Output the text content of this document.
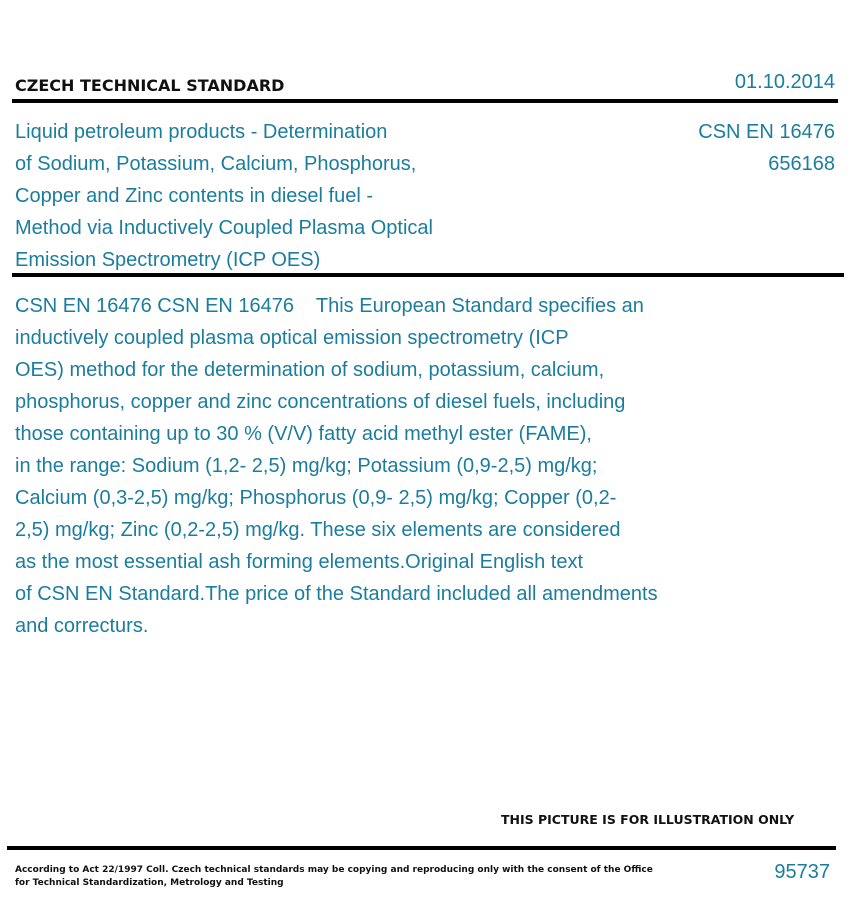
CZECH TECHNICAL STANDARD	01.10.2014
Liquid petroleum products - Determination
of Sodium, Potassium, Calcium, Phosphorus,
Copper and Zinc contents in diesel fuel -
Method via Inductively Coupled Plasma Optical
Emission Spectrometry (ICP OES)
CSN EN 16476
656168
CSN EN 16476 CSN EN 16476    This European Standard specifies an
inductively coupled plasma optical emission spectrometry (ICP
OES) method for the determination of sodium, potassium, calcium,
phosphorus, copper and zinc concentrations of diesel fuels, including
those containing up to 30 % (V/V) fatty acid methyl ester (FAME),
in the range: Sodium (1,2- 2,5) mg/kg; Potassium (0,9-2,5) mg/kg;
Calcium (0,3-2,5) mg/kg; Phosphorus (0,9- 2,5) mg/kg; Copper (0,2-
2,5) mg/kg; Zinc (0,2-2,5) mg/kg. These six elements are considered
as the most essential ash forming elements.Original English text
of CSN EN Standard.The price of the Standard included all amendments
and correcturs.
THIS PICTURE IS FOR ILLUSTRATION ONLY
According to Act 22/1997 Coll. Czech technical standards may be copying and reproducing only with the consent of the Office
for Technical Standardization, Metrology and Testing	95737
